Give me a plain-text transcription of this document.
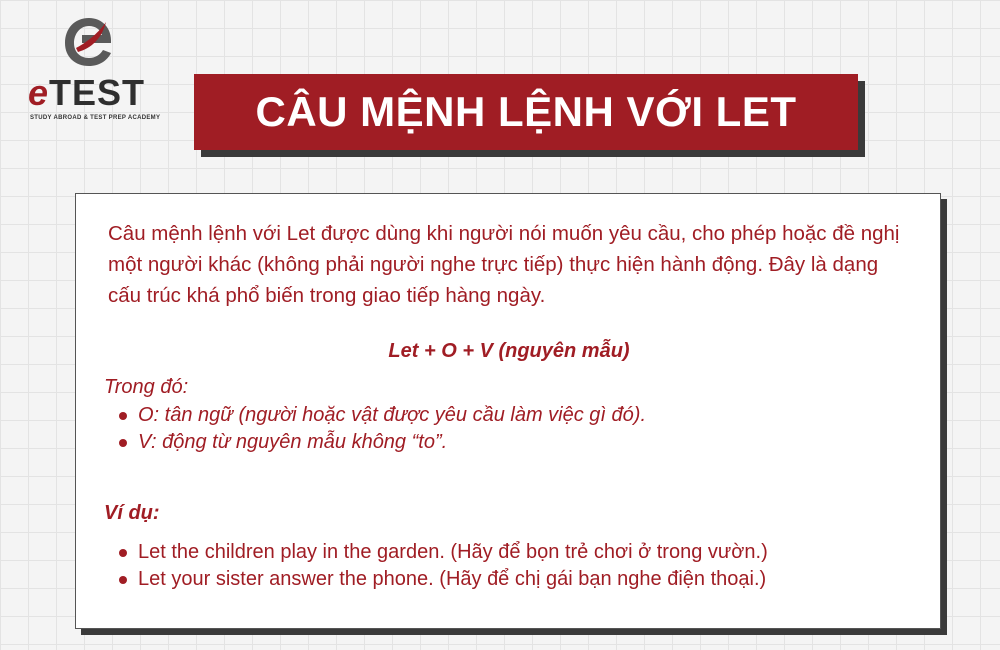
eTEST
STUDY ABROAD & TEST PREP ACADEMY	CÂU MỆNH LỆNH VỚI LET

Câu mệnh lệnh với Let được dùng khi người nói muốn yêu cầu, cho phép hoặc đề nghị một người khác (không phải người nghe trực tiếp) thực hiện hành động. Đây là dạng cấu trúc khá phổ biến trong giao tiếp hàng ngày.

Let + O + V (nguyên mẫu)
Trong đó:
O: tân ngữ (người hoặc vật được yêu cầu làm việc gì đó).
V: động từ nguyên mẫu không “to”.
Ví dụ:
Let the children play in the garden. (Hãy để bọn trẻ chơi ở trong vườn.)
Let your sister answer the phone. (Hãy để chị gái bạn nghe điện thoại.)
